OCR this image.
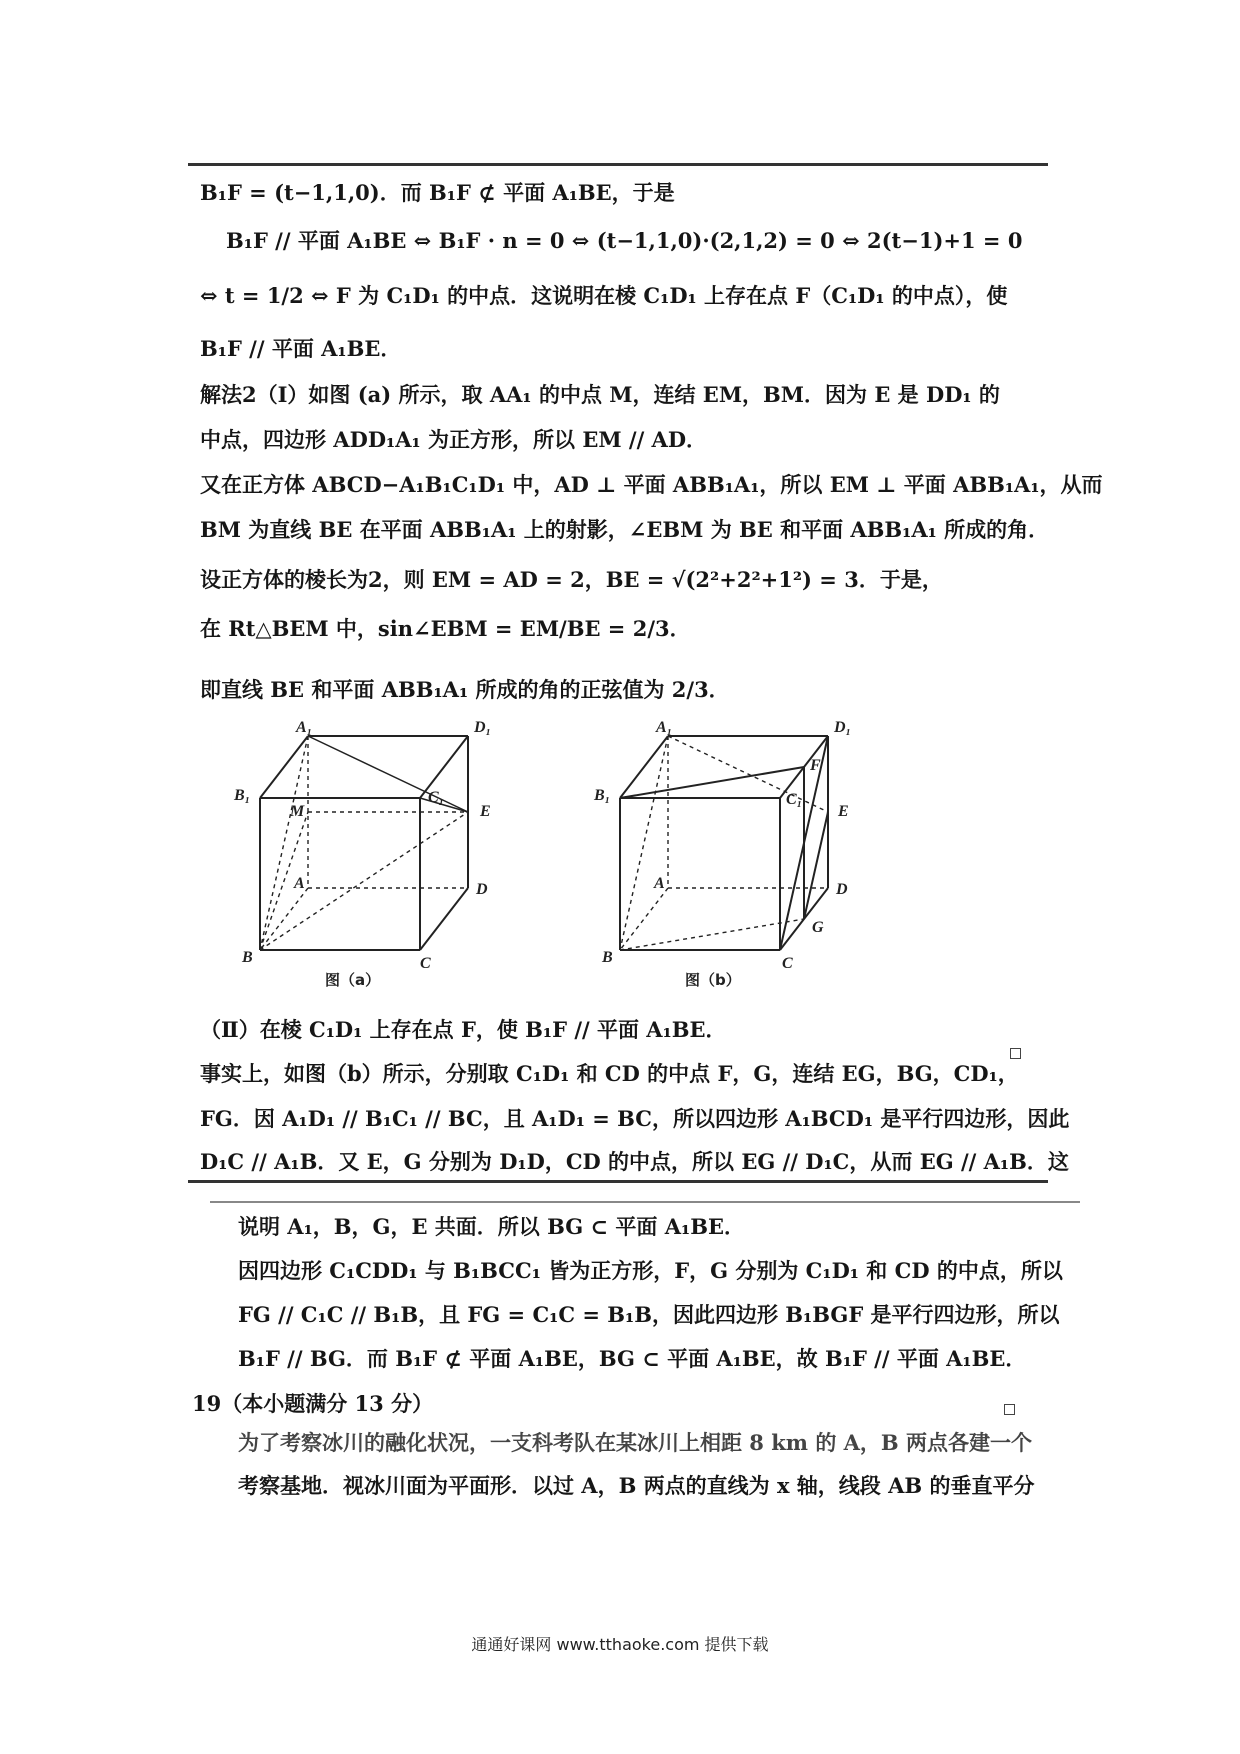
B₁F = (t−1,1,0)．而 B₁F ⊄ 平面 A₁BE，于是
B₁F // 平面 A₁BE ⇔ B₁F · n = 0 ⇔ (t−1,1,0)·(2,1,2) = 0 ⇔ 2(t−1)+1 = 0
⇔ t = 1/2 ⇔ F 为 C₁D₁ 的中点．这说明在棱 C₁D₁ 上存在点 F（C₁D₁ 的中点），使
B₁F // 平面 A₁BE．
解法2（Ⅰ）如图 (a) 所示，取 AA₁ 的中点 M，连结 EM，BM．因为 E 是 DD₁ 的
中点，四边形 ADD₁A₁ 为正方形，所以 EM // AD．
又在正方体 ABCD−A₁B₁C₁D₁ 中，AD ⊥ 平面 ABB₁A₁，所以 EM ⊥ 平面 ABB₁A₁，从而
BM 为直线 BE 在平面 ABB₁A₁ 上的射影，∠EBM 为 BE 和平面 ABB₁A₁ 所成的角．
设正方体的棱长为2，则 EM = AD = 2，BE = √(2²+2²+1²) = 3．于是，
在 Rt△BEM 中，sin∠EBM = EM/BE = 2/3．
即直线 BE 和平面 ABB₁A₁ 所成的角的正弦值为 2/3．
A₁	D₁
B₁	C₁
M	E
A	D
B	C
图（a）
A₁	D₁
B₁	C₁
F
E
A	D
G
B	C
图（b）
（Ⅱ）在棱 C₁D₁ 上存在点 F，使 B₁F // 平面 A₁BE．
事实上，如图（b）所示，分别取 C₁D₁ 和 CD 的中点 F，G，连结 EG，BG，CD₁，
FG．因 A₁D₁ // B₁C₁ // BC，且 A₁D₁ = BC，所以四边形 A₁BCD₁ 是平行四边形，因此
D₁C // A₁B．又 E，G 分别为 D₁D，CD 的中点，所以 EG // D₁C，从而 EG // A₁B．这
说明 A₁，B，G，E 共面．所以 BG ⊂ 平面 A₁BE．
因四边形 C₁CDD₁ 与 B₁BCC₁ 皆为正方形，F，G 分别为 C₁D₁ 和 CD 的中点，所以
FG // C₁C // B₁B，且 FG = C₁C = B₁B，因此四边形 B₁BGF 是平行四边形，所以
B₁F // BG．而 B₁F ⊄ 平面 A₁BE，BG ⊂ 平面 A₁BE，故 B₁F // 平面 A₁BE．
19（本小题满分 13 分）
为了考察冰川的融化状况，一支科考队在某冰川上相距 8 km 的 A，B 两点各建一个
考察基地．视冰川面为平面形．以过 A，B 两点的直线为 x 轴，线段 AB 的垂直平分
通通好课网 www.tthaoke.com 提供下载
